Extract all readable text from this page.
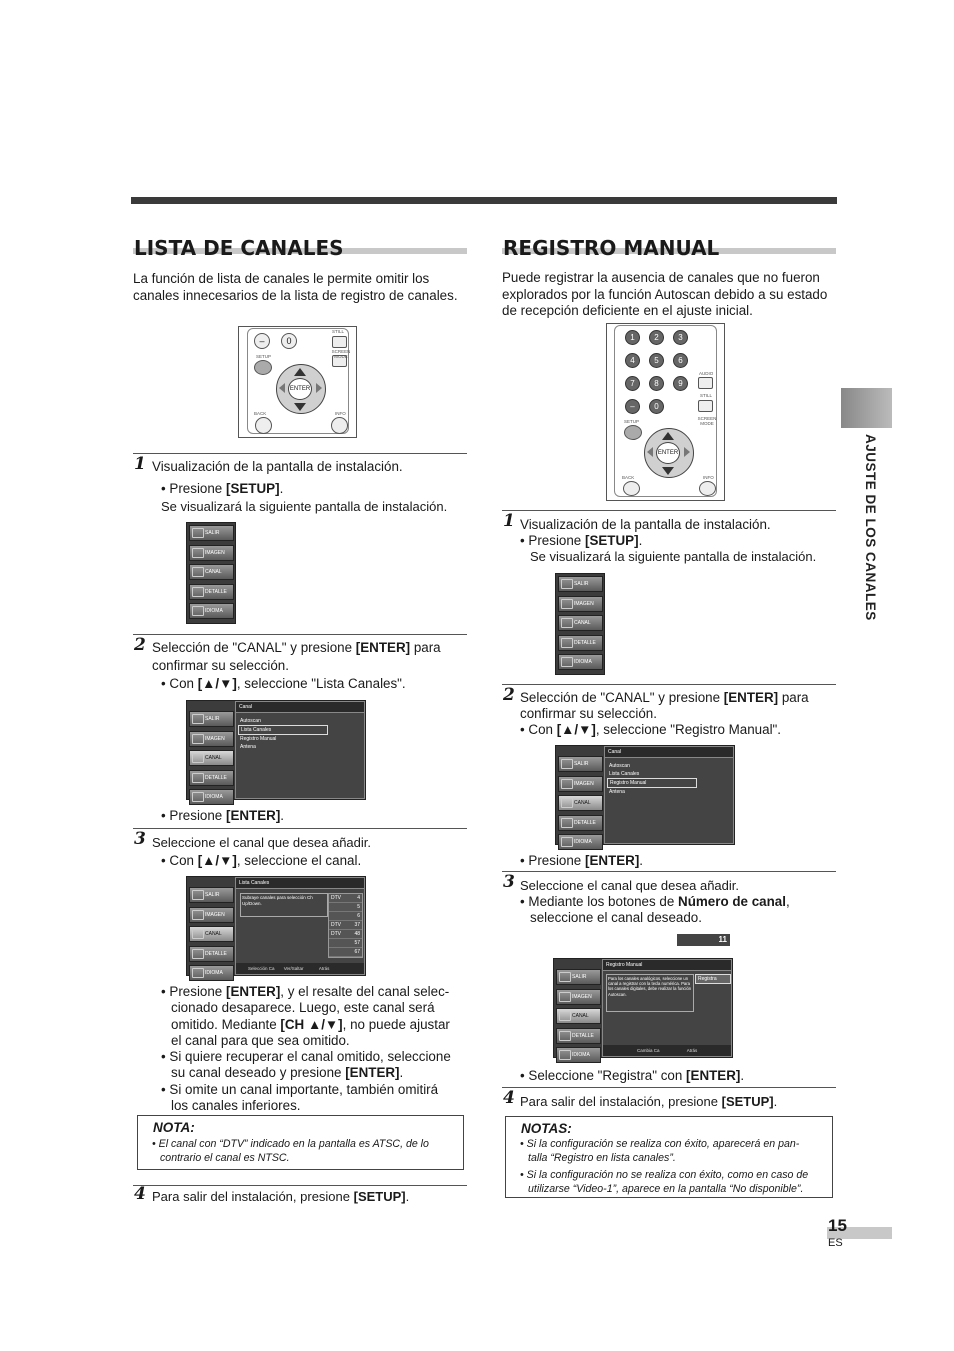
LISTA DE CANALES
La función de lista de canales le permite omitir los canales innecesarios de la lista de registro de canales.
–	0
STILL
SCREEN MODE
SETUP
ENTER
BACK	INFO
1 Visualización de la pantalla de instalación.
• Presione [SETUP].
Se visualizará la siguiente pantalla de instalación.
SALIR
IMAGEN
CANAL
DETALLE
IDIOMA
2 Selección de "CANAL" y presione [ENTER] para
confirmar su selección.
• Con [▲/▼], seleccione "Lista Canales".
SALIR
IMAGEN
CANAL
DETALLE
IDIOMA
Canal
Autoscan
Lista Canales
Registro Manual
Antena
• Presione [ENTER].
3 Seleccione el canal que desea añadir.
• Con [▲/▼], seleccione el canal.
SALIR
IMAGEN
CANAL
DETALLE
IDIOMA
Lista Canales
Subraye canales para selección Ch Up/Down.
DTV	4
5
6
DTV	37
DTV	48
57
67
Selección Ca Ver/Saltar	Atrás
• Presione [ENTER], y el resalte del canal selec-
cionado desaparece. Luego, este canal será
omitido. Mediante [CH ▲/▼], no puede ajustar
el canal para que sea omitido.
• Si quiere recuperar el canal omitido, seleccione
su canal deseado y presione [ENTER].
• Si omite un canal importante, también omitirá
los canales inferiores.
NOTA:
• El canal con “DTV” indicado en la pantalla es ATSC, de lo
contrario el canal es NTSC.
4 Para salir del instalación, presione [SETUP].
REGISTRO MANUAL
Puede registrar la ausencia de canales que no fueron explorados por la función Autoscan debido a su estado de recepción deficiente en el ajuste inicial.
1	2	3
4	5	6
7	8	9
–	0
AUDIO
STILL
SCREEN MODE
SETUP
ENTER
BACK	INFO
1 Visualización de la pantalla de instalación.
• Presione [SETUP].
Se visualizará la siguiente pantalla de instalación.
SALIR
IMAGEN
CANAL
DETALLE
IDIOMA
2 Selección de "CANAL" y presione [ENTER] para
confirmar su selección.
• Con [▲/▼], seleccione "Registro Manual".
SALIR
IMAGEN
CANAL
DETALLE
IDIOMA
Canal
Autoscan
Lista Canales
Registro Manual
Antena
• Presione [ENTER].
3 Seleccione el canal que desea añadir.
• Mediante los botones de Número de canal,
seleccione el canal deseado.
11
SALIR
IMAGEN
CANAL
DETALLE
IDIOMA
Registro Manual
Para los canales analógicos, seleccione un canal a registrar con la tecla numérica. Para los canales digitales, debe realizar la función Autoscan.
Registra
Cambia Ca	Atrás
• Seleccione "Registra" con [ENTER].
4 Para salir del instalación, presione [SETUP].
NOTAS:
• Si la configuración se realiza con éxito, aparecerá en pan-
talla “Registro en lista canales”.
• Si la configuración no se realiza con éxito, como en caso de
utilizarse “Video-1”, aparece en la pantalla “No disponible”.
AJUSTE DE LOS CANALES
15
ES
